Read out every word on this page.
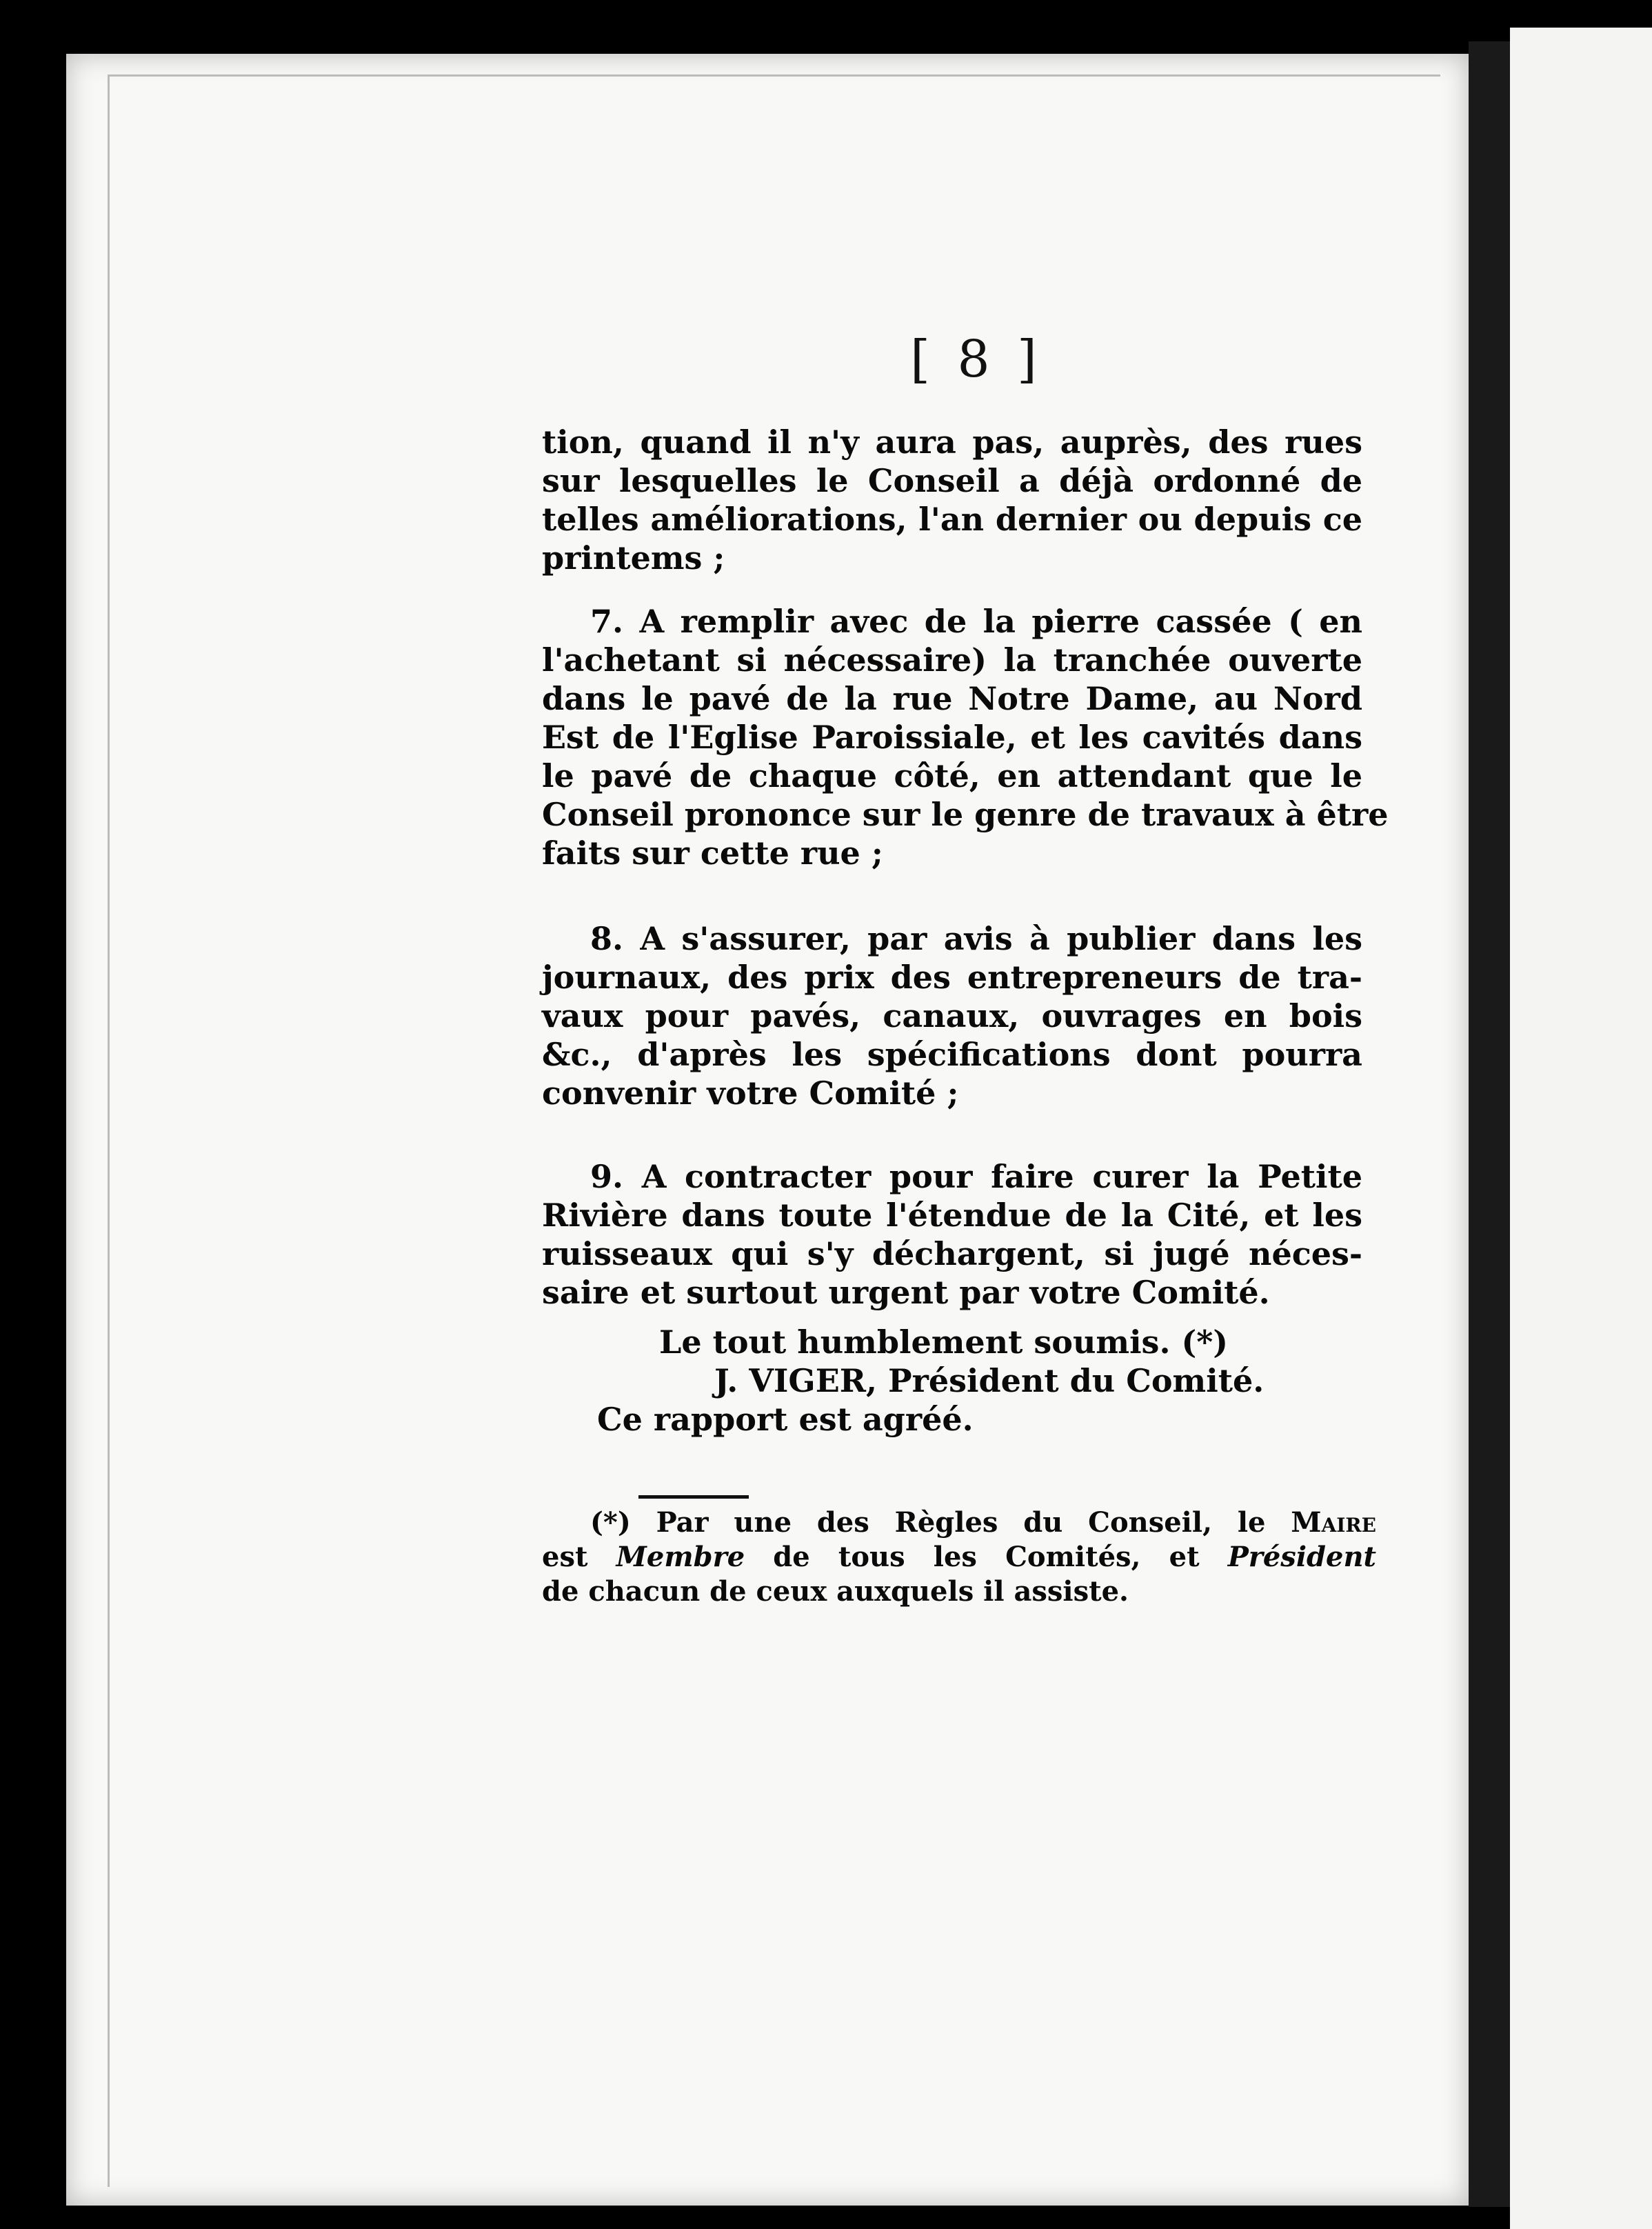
[ 8 ]
tion, quand il n'y aura pas, auprès, des rues
sur lesquelles le Conseil a déjà ordonné de
telles améliorations, l'an dernier ou depuis ce
printems ;
7. A remplir avec de la pierre cassée ( en
l'achetant si nécessaire) la tranchée ouverte
dans le pavé de la rue Notre Dame, au Nord
Est de l'Eglise Paroissiale, et les cavités dans
le pavé de chaque côté, en attendant que le
Conseil prononce sur le genre de travaux à être
faits sur cette rue ;
8. A s'assurer, par avis à publier dans les
journaux, des prix des entrepreneurs de tra-
vaux pour pavés, canaux, ouvrages en bois
&c., d'après les spécifications dont pourra
convenir votre Comité ;
9. A contracter pour faire curer la Petite
Rivière dans toute l'étendue de la Cité, et les
ruisseaux qui s'y déchargent, si jugé néces-
saire et surtout urgent par votre Comité.
Le tout humblement soumis. (*)
J. VIGER, Président du Comité.
Ce rapport est agréé.
(*) Par une des Règles du Conseil, le Maire
est Membre de tous les Comités, et Président
de chacun de ceux auxquels il assiste.
